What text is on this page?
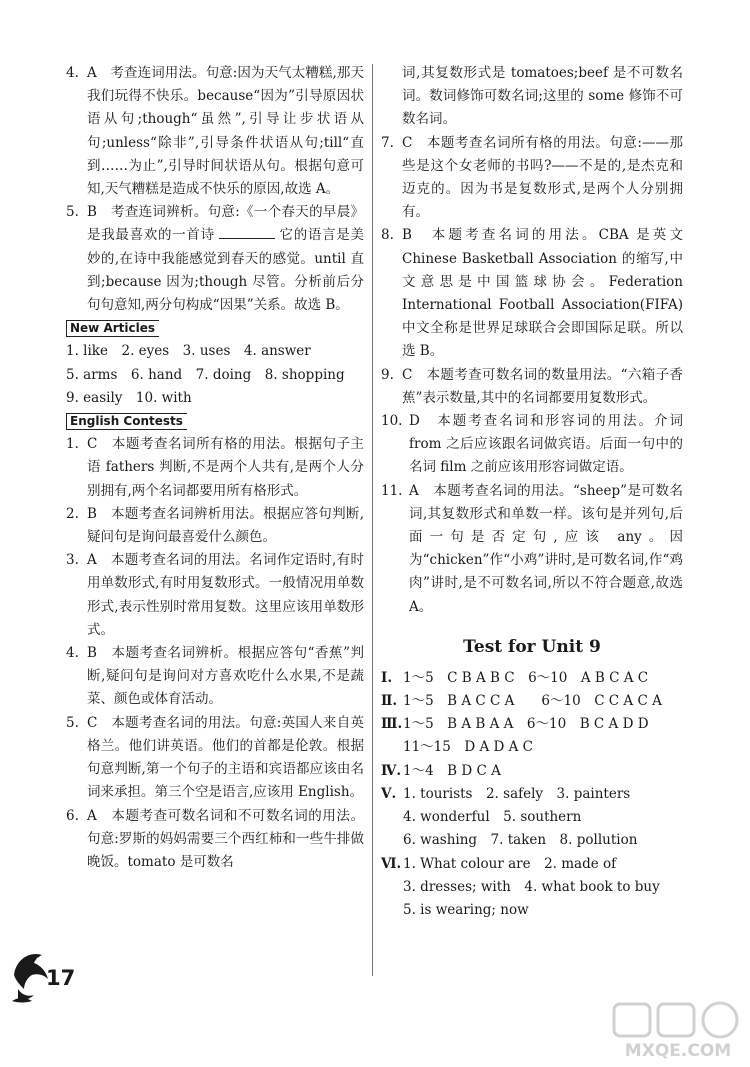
4. A　考查连词用法。句意:因为天气太糟糕,那天我们玩得不快乐。because“因为”引导原因状语从句;though“虽然”,引导让步状语从句;unless“除非”,引导条件状语从句;till“直到……为止”,引导时间状语从句。根据句意可知,天气糟糕是造成不快乐的原因,故选 A。

5. B　考查连词辨析。句意:《一个春天的早晨》是我最喜欢的一首诗	它的语言是美妙的,在诗中我能感觉到春天的感觉。until 直到;because 因为;though 尽管。分析前后分句句意知,两分句构成“因果”关系。故选 B。

New Articles

1. like　2. eyes　3. uses　4. answer

5. arms　6. hand　7. doing　8. shopping

9. easily　10. with

English Contests

1. C　本题考查名词所有格的用法。根据句子主语 fathers 判断,不是两个人共有,是两个人分别拥有,两个名词都要用所有格形式。

2. B　本题考查名词辨析用法。根据应答句判断,疑问句是询问最喜爱什么颜色。

3. A　本题考查名词的用法。名词作定语时,有时用单数形式,有时用复数形式。一般情况用单数形式,表示性别时常用复数。这里应该用单数形式。

4. B　本题考查名词辨析。根据应答句“香蕉”判断,疑问句是询问对方喜欢吃什么水果,不是蔬菜、颜色或体育活动。

5. C　本题考查名词的用法。句意:英国人来自英格兰。他们讲英语。他们的首都是伦敦。根据句意判断,第一个句子的主语和宾语都应该由名词来承担。第三个空是语言,应该用 English。

6. A　本题考查可数名词和不可数名词的用法。句意:罗斯的妈妈需要三个西红柿和一些牛排做晚饭。tomato 是可数名

词,其复数形式是 tomatoes;beef 是不可数名词。数词修饰可数名词;这里的 some 修饰不可数名词。

7. C　本题考查名词所有格的用法。句意:——那些是这个女老师的书吗?——不是的,是杰克和迈克的。因为书是复数形式,是两个人分别拥有。

8. B　本题考查名词的用法。CBA 是英文 Chinese Basketball Association 的缩写,中文意思是中国篮球协会。Federation International Football Association(FIFA)中文全称是世界足球联合会即国际足联。所以选 B。

9. C　本题考查可数名词的数量用法。“六箱子香蕉”表示数量,其中的名词都要用复数形式。

10. D　本题考查名词和形容词的用法。介词 from 之后应该跟名词做宾语。后面一句中的名词 film 之前应该用形容词做定语。

11. A　本题考查名词的用法。“sheep”是可数名词,其复数形式和单数一样。该句是并列句,后面一句是否定句,应该 any。因为“chicken”作“小鸡”讲时,是可数名词,作“鸡肉”讲时,是不可数名词,所以不符合题意,故选 A。

Test for Unit 9

Ⅰ. 1～5　C B A B C　6～10　A B C A C

Ⅱ. 1～5　B A C C A　　6～10　C C A C A

Ⅲ. 1～5　B A B A A　6～10　B C A D D

11～15　D A D A C

Ⅳ. 1～4　B D C A

Ⅴ. 1. tourists　2. safely　3. painters

4. wonderful　5. southern

6. washing　7. taken　8. pollution

Ⅵ. 1. What colour are　2. made of

3. dresses; with　4. what book to buy

5. is wearing; now

17
MXQE.COM
